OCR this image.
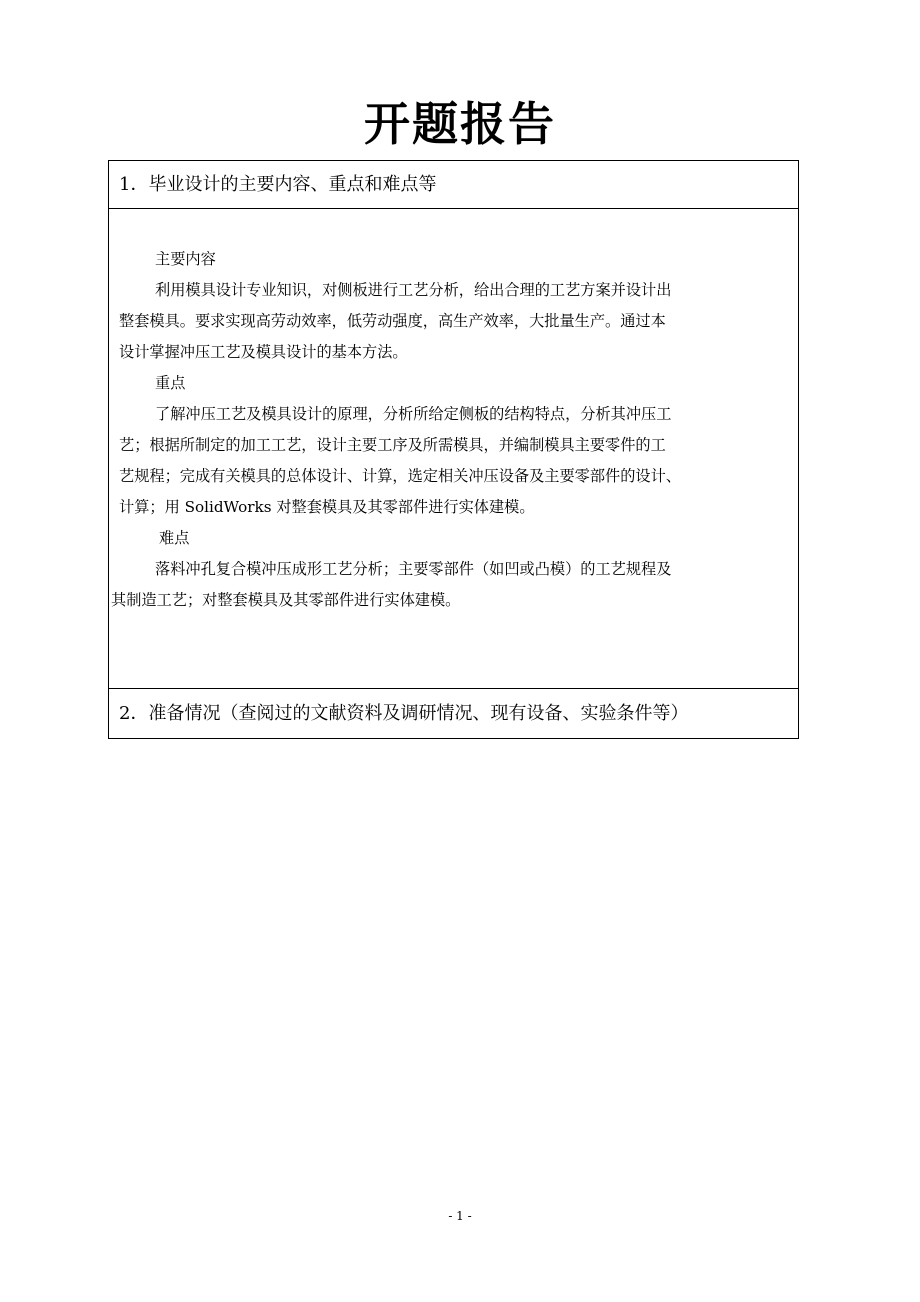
开题报告
1．毕业设计的主要内容、重点和难点等
主要内容
利用模具设计专业知识，对侧板进行工艺分析，给出合理的工艺方案并设计出
整套模具。要求实现高劳动效率，低劳动强度，高生产效率，大批量生产。通过本
设计掌握冲压工艺及模具设计的基本方法。
重点
了解冲压工艺及模具设计的原理，分析所给定侧板的结构特点，分析其冲压工
艺；根据所制定的加工工艺，设计主要工序及所需模具，并编制模具主要零件的工
艺规程；完成有关模具的总体设计、计算，选定相关冲压设备及主要零部件的设计、
计算；用 SolidWorks 对整套模具及其零部件进行实体建模。
难点
落料冲孔复合模冲压成形工艺分析；主要零部件（如凹或凸模）的工艺规程及
其制造工艺；对整套模具及其零部件进行实体建模。
2．准备情况（查阅过的文献资料及调研情况、现有设备、实验条件等）
- 1 -
